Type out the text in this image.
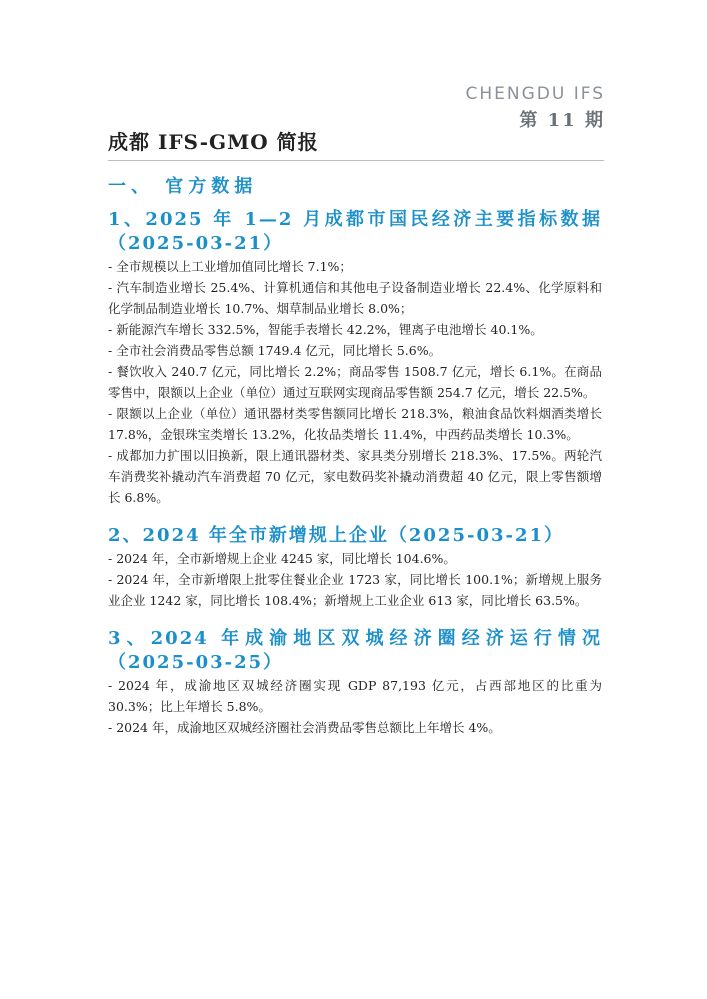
CHENGDU IFS
第 11 期
成都 IFS-GMO 简报
一、 官方数据
1、2025 年 1—2 月成都市国民经济主要指标数据（2025-03-21）

- 全市规模以上工业增加值同比增长 7.1%；

- 汽车制造业增长 25.4%、计算机通信和其他电子设备制造业增长 22.4%、化学原料和化学制品制造业增长 10.7%、烟草制品业增长 8.0%；

- 新能源汽车增长 332.5%，智能手表增长 42.2%，锂离子电池增长 40.1%。

- 全市社会消费品零售总额 1749.4 亿元，同比增长 5.6%。

- 餐饮收入 240.7 亿元，同比增长 2.2%；商品零售 1508.7 亿元，增长 6.1%。在商品零售中，限额以上企业（单位）通过互联网实现商品零售额 254.7 亿元，增长 22.5%。

- 限额以上企业（单位）通讯器材类零售额同比增长 218.3%，粮油食品饮料烟酒类增长 17.8%，金银珠宝类增长 13.2%，化妆品类增长 11.4%，中西药品类增长 10.3%。

- 成都加力扩围以旧换新，限上通讯器材类、家具类分别增长 218.3%、17.5%。两轮汽车消费奖补撬动汽车消费超 70 亿元，家电数码奖补撬动消费超 40 亿元，限上零售额增长 6.8%。

2、2024 年全市新增规上企业（2025-03-21）

- 2024 年，全市新增规上企业 4245 家，同比增长 104.6%。

- 2024 年，全市新增限上批零住餐业企业 1723 家，同比增长 100.1%；新增规上服务业企业 1242 家，同比增长 108.4%；新增规上工业企业 613 家，同比增长 63.5%。

3、2024 年成渝地区双城经济圈经济运行情况（2025-03-25）

- 2024 年，成渝地区双城经济圈实现 GDP 87,193 亿元，占西部地区的比重为 30.3%；比上年增长 5.8%。

- 2024 年，成渝地区双城经济圈社会消费品零售总额比上年增长 4%。
